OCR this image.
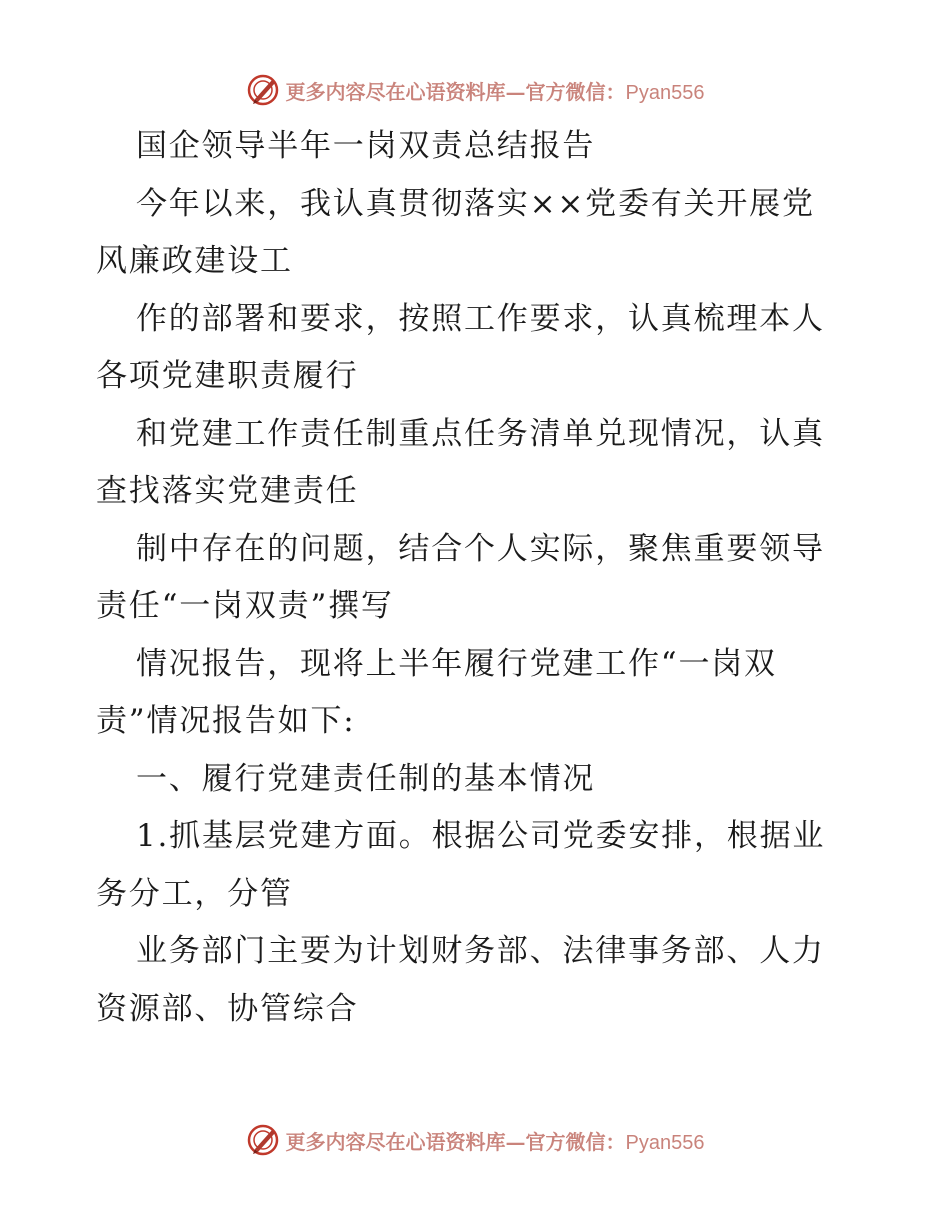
更多内容尽在心语资料库—官方微信：Pyan556
国企领导半年一岗双责总结报告
今年以来，我认真贯彻落实××党委有关开展党
风廉政建设工
作的部署和要求，按照工作要求，认真梳理本人
各项党建职责履行
和党建工作责任制重点任务清单兑现情况，认真
查找落实党建责任
制中存在的问题，结合个人实际，聚焦重要领导
责任“一岗双责”撰写
情况报告，现将上半年履行党建工作“一岗双
责”情况报告如下:
一、履行党建责任制的基本情况
1.抓基层党建方面。根据公司党委安排，根据业
务分工，分管
业务部门主要为计划财务部、法律事务部、人力
资源部、协管综合
更多内容尽在心语资料库—官方微信：Pyan556
